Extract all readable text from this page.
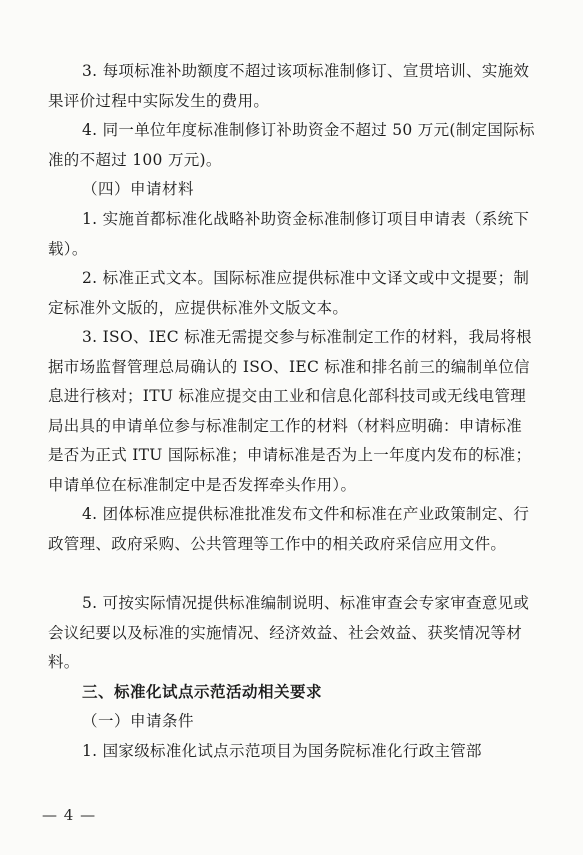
3. 每项标准补助额度不超过该项标准制修订、宣贯培训、实施效果评价过程中实际发生的费用。

4. 同一单位年度标准制修订补助资金不超过 50 万元(制定国际标准的不超过 100 万元)。

（四）申请材料

1. 实施首都标准化战略补助资金标准制修订项目申请表（系统下载）。

2. 标准正式文本。国际标准应提供标准中文译文或中文提要；制定标准外文版的，应提供标准外文版文本。

3. ISO、IEC 标准无需提交参与标准制定工作的材料，我局将根据市场监督管理总局确认的 ISO、IEC 标准和排名前三的编制单位信息进行核对；ITU 标准应提交由工业和信息化部科技司或无线电管理局出具的申请单位参与标准制定工作的材料（材料应明确：申请标准是否为正式 ITU 国际标准；申请标准是否为上一年度内发布的标准；申请单位在标准制定中是否发挥牵头作用）。

4. 团体标准应提供标准批准发布文件和标准在产业政策制定、行政管理、政府采购、公共管理等工作中的相关政府采信应用文件。

5. 可按实际情况提供标准编制说明、标准审查会专家审查意见或会议纪要以及标准的实施情况、经济效益、社会效益、获奖情况等材料。

三、标准化试点示范活动相关要求
（一）申请条件

1. 国家级标准化试点示范项目为国务院标准化行政主管部

— 4 —
